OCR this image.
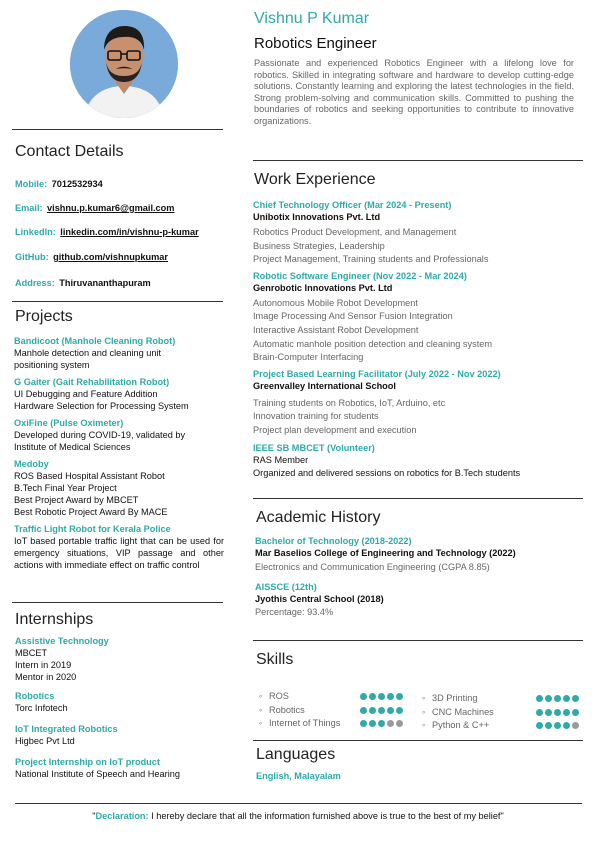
Contact Details
Mobile: 7012532934
Email: vishnu.p.kumar6@gmail.com
LinkedIn: linkedin.com/in/vishnu-p-kumar
GitHub: github.com/vishnupkumar
Address: Thiruvananthapuram
Projects
Bandicoot (Manhole Cleaning Robot)
Manhole detection and cleaning unit
positioning system
G Gaiter (Gait Rehabilitation Robot)
UI Debugging and Feature Addition
Hardware Selection for Processing System
OxiFine (Pulse Oximeter)
Developed during COVID-19, validated by
Institute of Medical Sciences
Medoby
ROS Based Hospital Assistant Robot
B.Tech Final Year Project
Best Project Award by MBCET
Best Robotic Project Award By MACE
Traffic Light Robot for Kerala Police
IoT based portable traffic light that can be used for emergency situations, VIP passage and other actions with immediate effect on traffic control
Internships
Assistive Technology
MBCET
Intern in 2019
Mentor in 2020
Robotics
Torc Infotech
IoT Integrated Robotics
Higbec Pvt Ltd
Project Internship on IoT product
National Institute of Speech and Hearing
Vishnu P Kumar
Robotics Engineer
Passionate and experienced Robotics Engineer with a lifelong love for robotics. Skilled in integrating software and hardware to develop cutting-edge solutions. Constantly learning and exploring the latest technologies in the field. Strong problem-solving and communication skills. Committed to pushing the boundaries of robotics and seeking opportunities to contribute to innovative organizations.
Work Experience
Chief Technology Officer (Mar 2024 - Present)
Unibotix Innovations Pvt. Ltd
Robotics Product Development, and Management
Business Strategies, Leadership
Project Management, Training students and Professionals
Robotic Software Engineer (Nov 2022 - Mar 2024)
Genrobotic Innovations Pvt. Ltd
Autonomous Mobile Robot Development
Image Processing And Sensor Fusion Integration
Interactive Assistant Robot Development
Automatic manhole position detection and cleaning system
Brain-Computer Interfacing
Project Based Learning Facilitator (July 2022 - Nov 2022)
Greenvalley International School
Training students on Robotics, IoT, Arduino, etc
Innovation training for students
Project plan development and execution
IEEE SB MBCET (Volunteer)
RAS Member
Organized and delivered sessions on robotics for B.Tech students
Academic History
Bachelor of Technology (2018-2022)
Mar Baselios College of Engineering and Technology (2022)
Electronics and Communication Engineering (CGPA 8.85)
AISSCE (12th)
Jyothis Central School (2018)
Percentage: 93.4%
Skills
◦ ROS
◦ Robotics
◦ Internet of Things
◦ 3D Printing
◦ CNC Machines
◦ Python & C++
Languages
English, Malayalam
"Declaration: I hereby declare that all the information furnished above is true to the best of my belief"
